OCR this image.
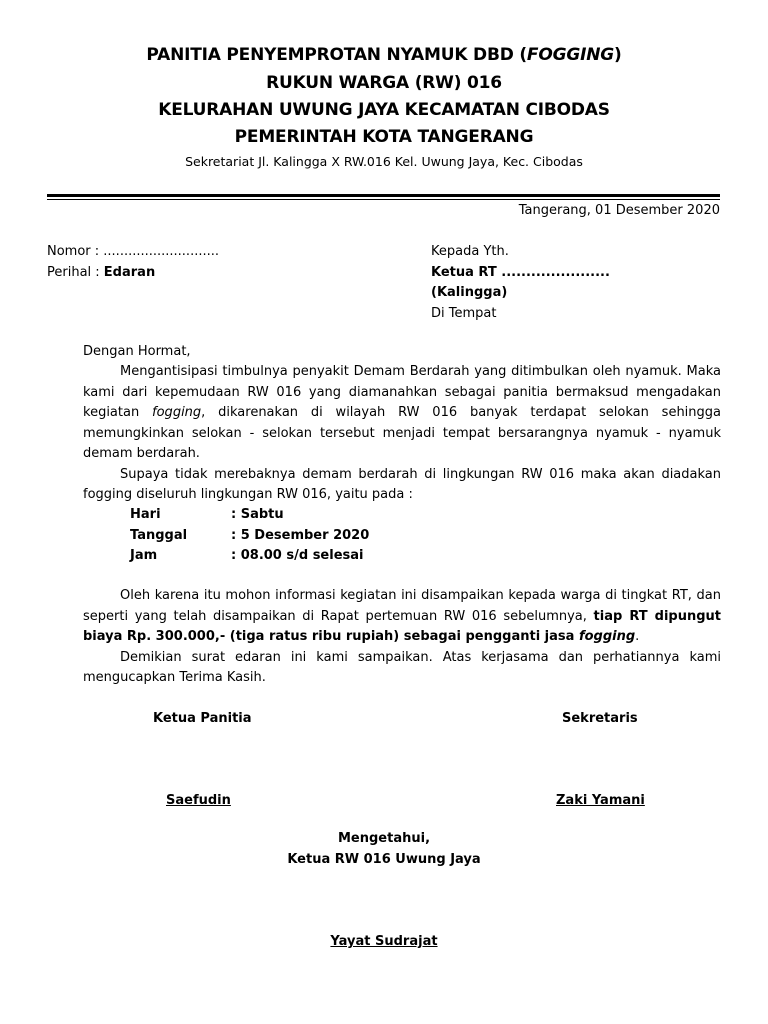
PANITIA PENYEMPROTAN NYAMUK DBD (FOGGING)
RUKUN WARGA (RW) 016
KELURAHAN UWUNG JAYA KECAMATAN CIBODAS
PEMERINTAH KOTA TANGERANG
Sekretariat Jl. Kalingga X RW.016 Kel. Uwung Jaya, Kec. Cibodas
Tangerang, 01 Desember 2020
Nomor : ............................
Perihal : Edaran
Kepada Yth.
Ketua RT ......................
(Kalingga)
Di Tempat
Dengan Hormat,

Mengantisipasi timbulnya penyakit Demam Berdarah yang ditimbulkan oleh nyamuk. Maka kami dari kepemudaan RW 016 yang diamanahkan sebagai panitia bermaksud mengadakan kegiatan fogging, dikarenakan di wilayah RW 016 banyak terdapat selokan sehingga memungkinkan selokan - selokan tersebut menjadi tempat bersarangnya nyamuk - nyamuk demam berdarah.

Supaya tidak merebaknya demam berdarah di lingkungan RW 016 maka akan diadakan fogging diseluruh lingkungan RW 016, yaitu pada :

Hari	: Sabtu
Tanggal	: 5 Desember 2020
Jam	: 08.00 s/d selesai

Oleh karena itu mohon informasi kegiatan ini disampaikan kepada warga di tingkat RT, dan seperti yang telah disampaikan di Rapat pertemuan RW 016 sebelumnya, tiap RT dipungut biaya Rp. 300.000,- (tiga ratus ribu rupiah) sebagai pengganti jasa fogging.

Demikian surat edaran ini kami sampaikan. Atas kerjasama dan perhatiannya kami mengucapkan Terima Kasih.

Ketua Panitia
Saefudin
Sekretaris
Zaki Yamani
Mengetahui,
Ketua RW 016 Uwung Jaya
Yayat Sudrajat
